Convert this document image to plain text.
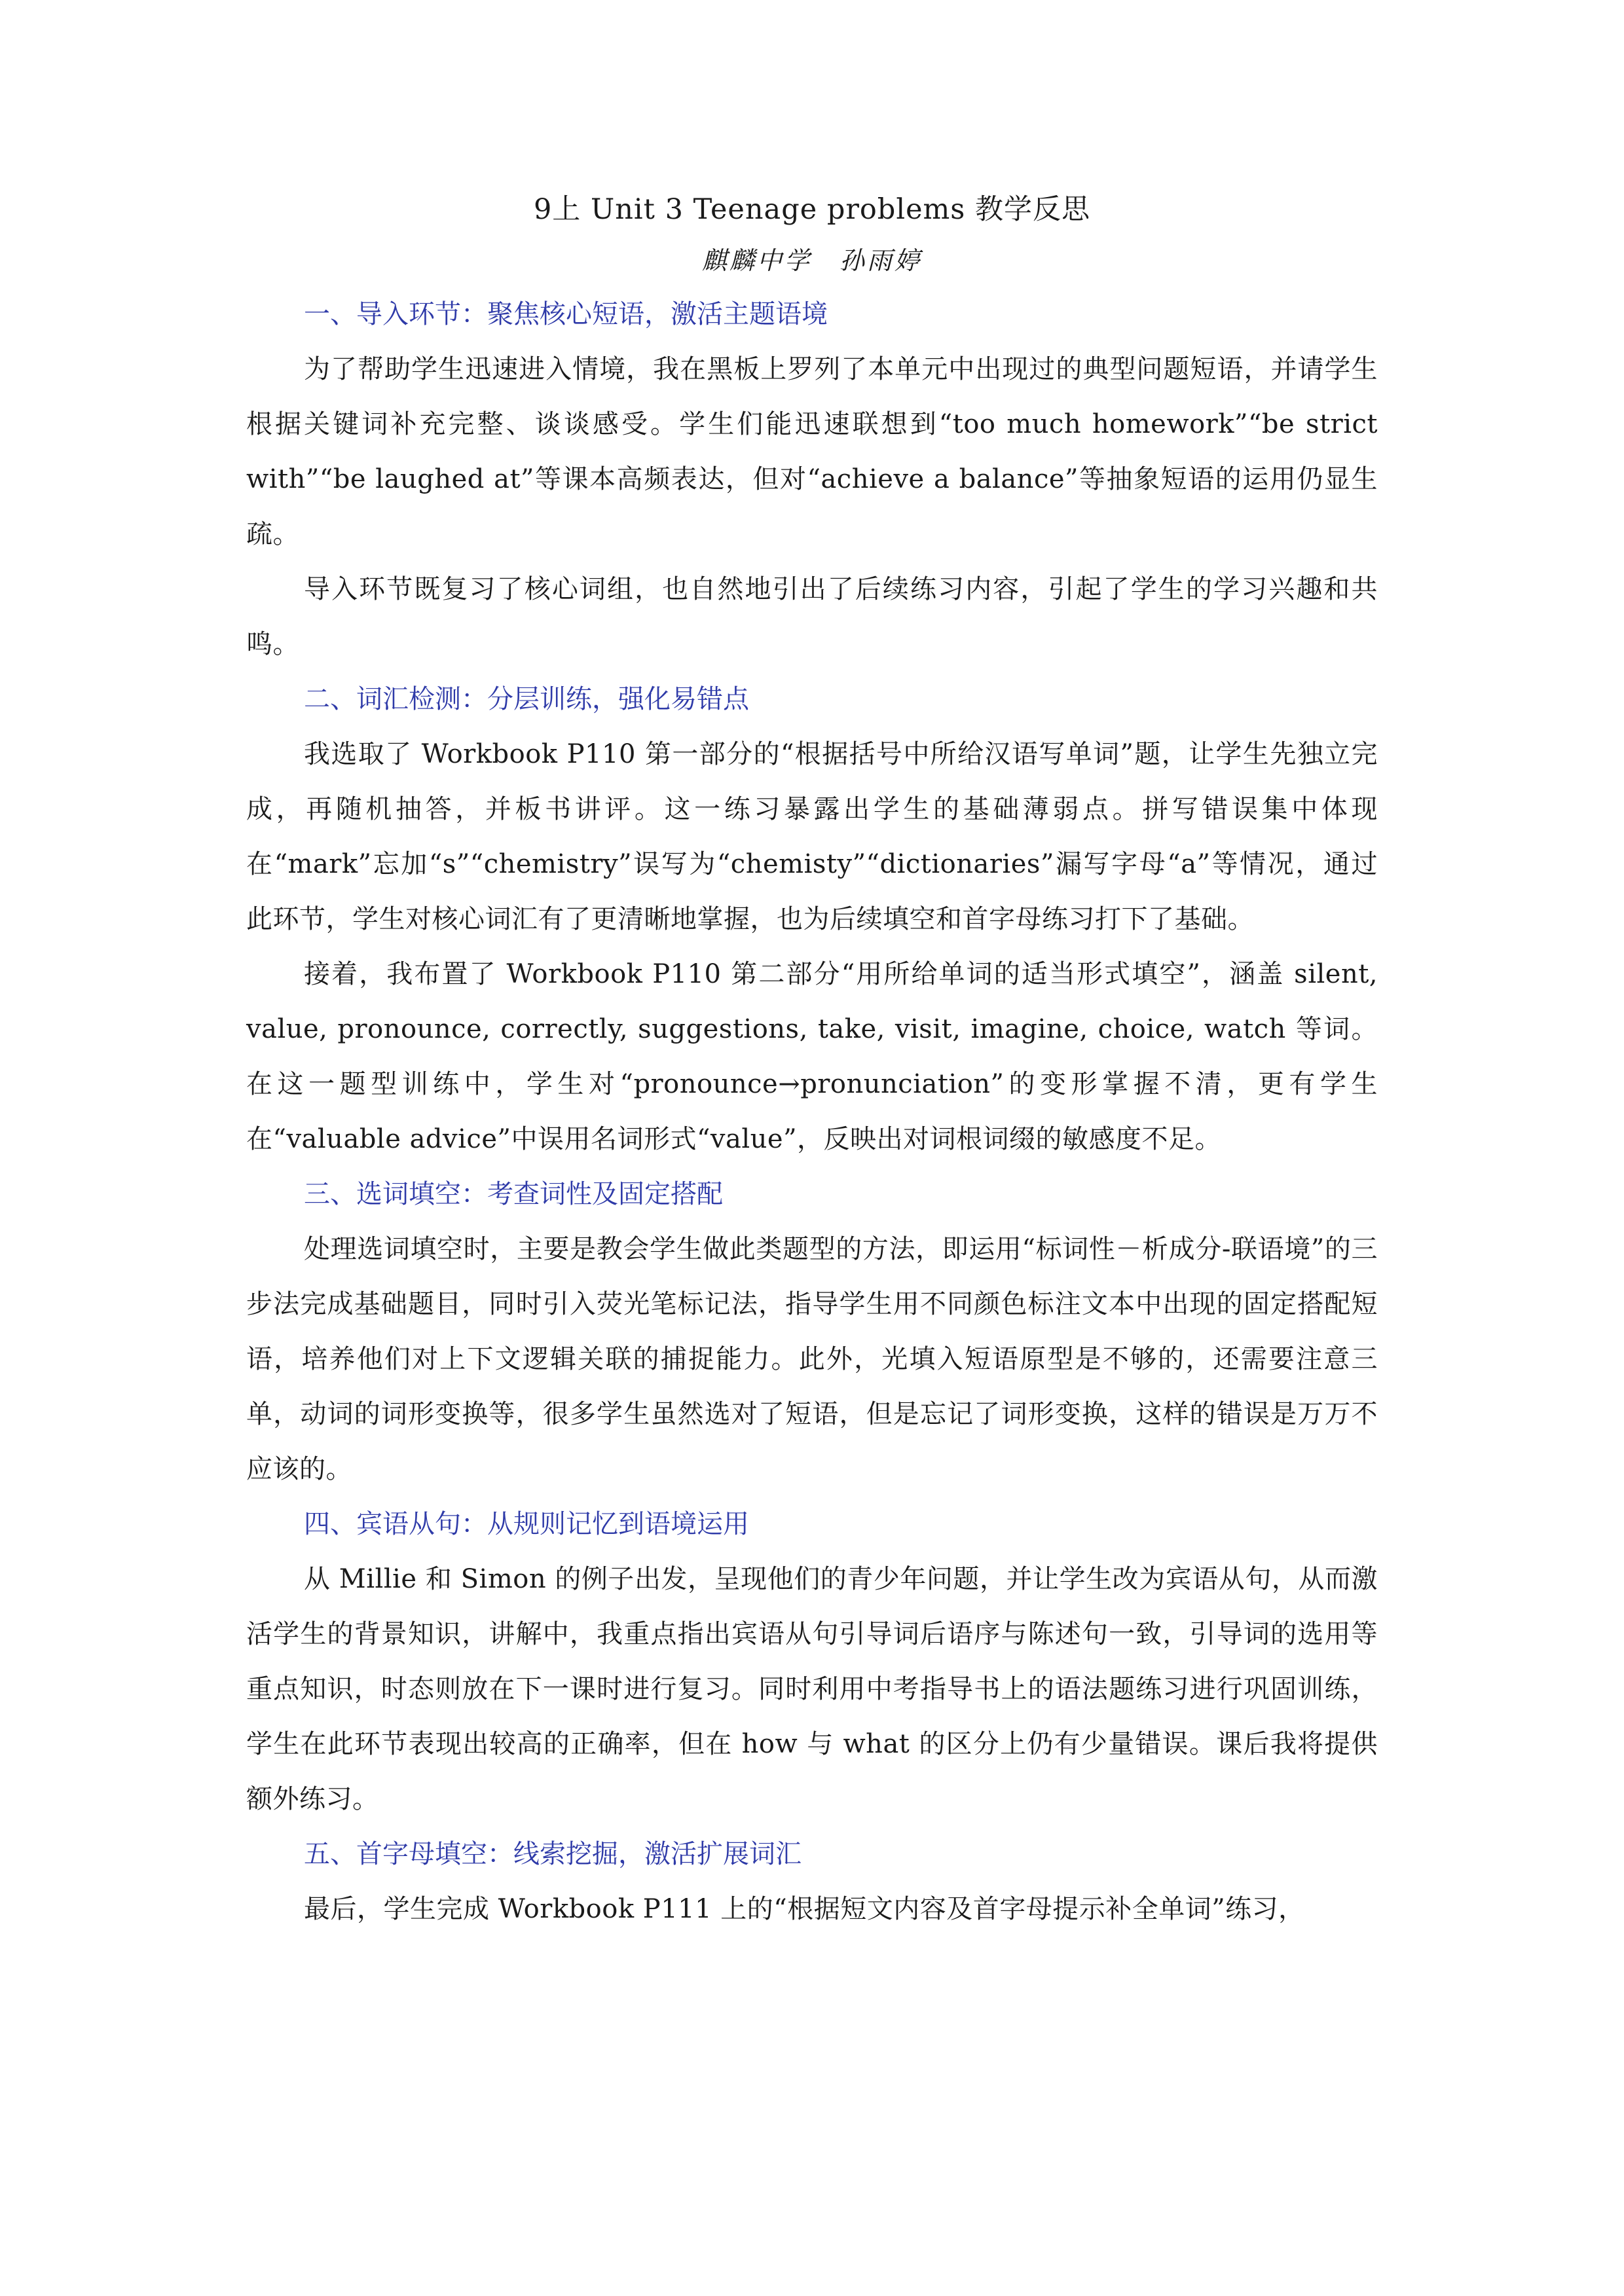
9上 Unit 3 Teenage problems 教学反思

麒麟中学　孙雨婷

一、导入环节：聚焦核心短语，激活主题语境

为了帮助学生迅速进入情境，我在黑板上罗列了本单元中出现过的典型问题短语，并请学生根据关键词补充完整、谈谈感受。学生们能迅速联想到“too much homework”“be strict with”“be laughed at”等课本高频表达，但对“achieve a balance”等抽象短语的运用仍显生疏。

导入环节既复习了核心词组，也自然地引出了后续练习内容，引起了学生的学习兴趣和共鸣。

二、词汇检测：分层训练，强化易错点

我选取了 Workbook P110 第一部分的“根据括号中所给汉语写单词”题，让学生先独立完成，再随机抽答，并板书讲评。这一练习暴露出学生的基础薄弱点。拼写错误集中体现在“mark”忘加“s”“chemistry”误写为“chemisty”“dictionaries”漏写字母“a”等情况，通过此环节，学生对核心词汇有了更清晰地掌握，也为后续填空和首字母练习打下了基础。

接着，我布置了 Workbook P110 第二部分“用所给单词的适当形式填空”，涵盖 silent, value, pronounce, correctly, suggestions, take, visit, imagine, choice, watch 等词。在这一题型训练中，学生对“pronounce→pronunciation”的变形掌握不清，更有学生在“valuable advice”中误用名词形式“value”，反映出对词根词缀的敏感度不足。

三、选词填空：考查词性及固定搭配

处理选词填空时，主要是教会学生做此类题型的方法，即运用“标词性－析成分-联语境”的三步法完成基础题目，同时引入荧光笔标记法，指导学生用不同颜色标注文本中出现的固定搭配短语，培养他们对上下文逻辑关联的捕捉能力。此外，光填入短语原型是不够的，还需要注意三单，动词的词形变换等，很多学生虽然选对了短语，但是忘记了词形变换，这样的错误是万万不应该的。

四、宾语从句：从规则记忆到语境运用

从 Millie 和 Simon 的例子出发，呈现他们的青少年问题，并让学生改为宾语从句，从而激活学生的背景知识，讲解中，我重点指出宾语从句引导词后语序与陈述句一致，引导词的选用等重点知识，时态则放在下一课时进行复习。同时利用中考指导书上的语法题练习进行巩固训练，学生在此环节表现出较高的正确率，但在 how 与 what 的区分上仍有少量错误。课后我将提供额外练习。

五、首字母填空：线索挖掘，激活扩展词汇

最后，学生完成 Workbook P111 上的“根据短文内容及首字母提示补全单词”练习，
